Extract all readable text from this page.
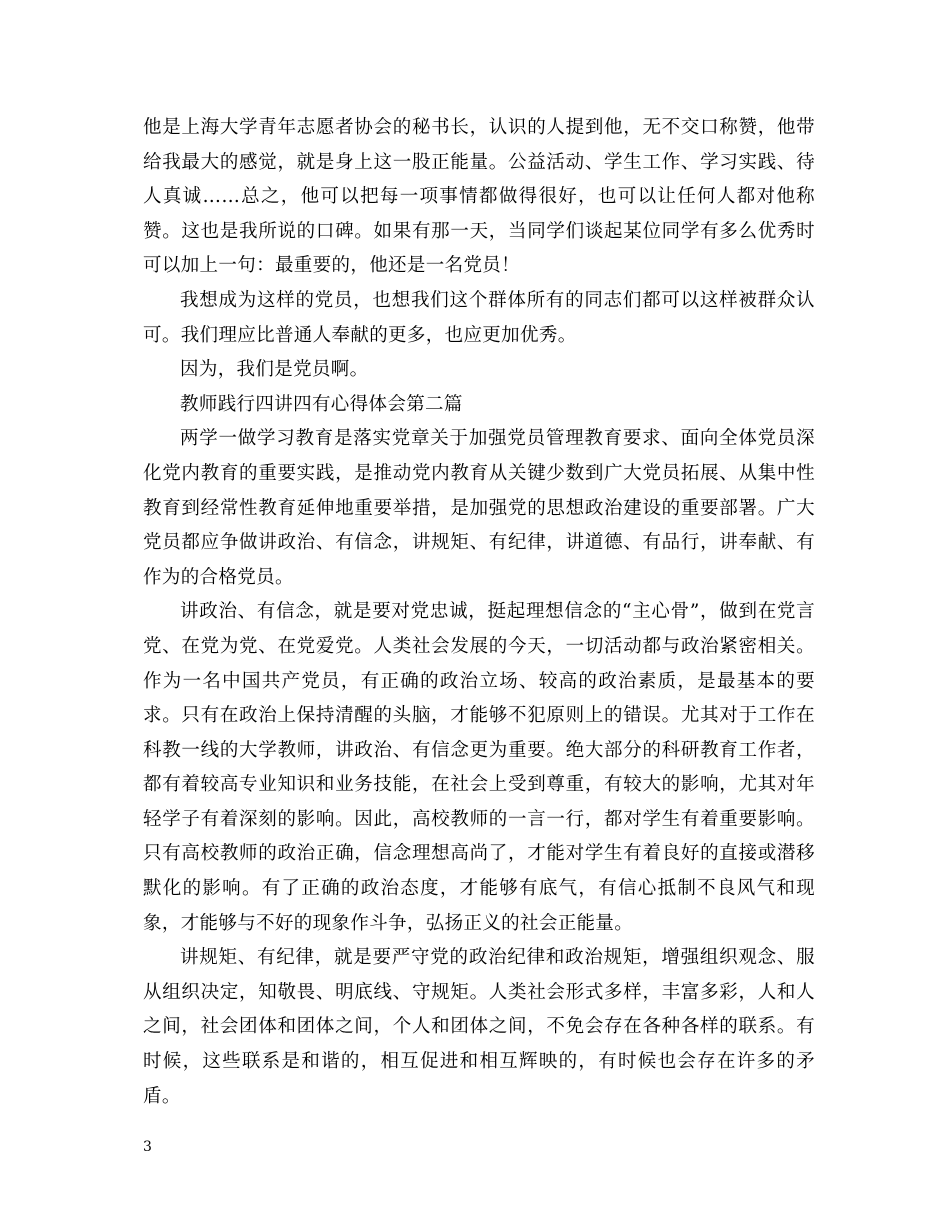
他是上海大学青年志愿者协会的秘书长，认识的人提到他，无不交口称赞，他带给我最大的感觉，就是身上这一股正能量。公益活动、学生工作、学习实践、待人真诚……总之，他可以把每一项事情都做得很好，也可以让任何人都对他称赞。这也是我所说的口碑。如果有那一天，当同学们谈起某位同学有多么优秀时可以加上一句：最重要的，他还是一名党员！

我想成为这样的党员，也想我们这个群体所有的同志们都可以这样被群众认可。我们理应比普通人奉献的更多，也应更加优秀。

因为，我们是党员啊。

教师践行四讲四有心得体会第二篇

两学一做学习教育是落实党章关于加强党员管理教育要求、面向全体党员深化党内教育的重要实践，是推动党内教育从关键少数到广大党员拓展、从集中性教育到经常性教育延伸地重要举措，是加强党的思想政治建设的重要部署。广大党员都应争做讲政治、有信念，讲规矩、有纪律，讲道德、有品行，讲奉献、有作为的合格党员。

讲政治、有信念，就是要对党忠诚，挺起理想信念的“主心骨”，做到在党言党、在党为党、在党爱党。人类社会发展的今天，一切活动都与政治紧密相关。作为一名中国共产党员，有正确的政治立场、较高的政治素质，是最基本的要求。只有在政治上保持清醒的头脑，才能够不犯原则上的错误。尤其对于工作在科教一线的大学教师，讲政治、有信念更为重要。绝大部分的科研教育工作者，都有着较高专业知识和业务技能，在社会上受到尊重，有较大的影响，尤其对年轻学子有着深刻的影响。因此，高校教师的一言一行，都对学生有着重要影响。只有高校教师的政治正确，信念理想高尚了，才能对学生有着良好的直接或潜移默化的影响。有了正确的政治态度，才能够有底气，有信心抵制不良风气和现象，才能够与不好的现象作斗争，弘扬正义的社会正能量。

讲规矩、有纪律，就是要严守党的政治纪律和政治规矩，增强组织观念、服从组织决定，知敬畏、明底线、守规矩。人类社会形式多样，丰富多彩，人和人之间，社会团体和团体之间，个人和团体之间，不免会存在各种各样的联系。有时候，这些联系是和谐的，相互促进和相互辉映的，有时候也会存在许多的矛盾。

3
